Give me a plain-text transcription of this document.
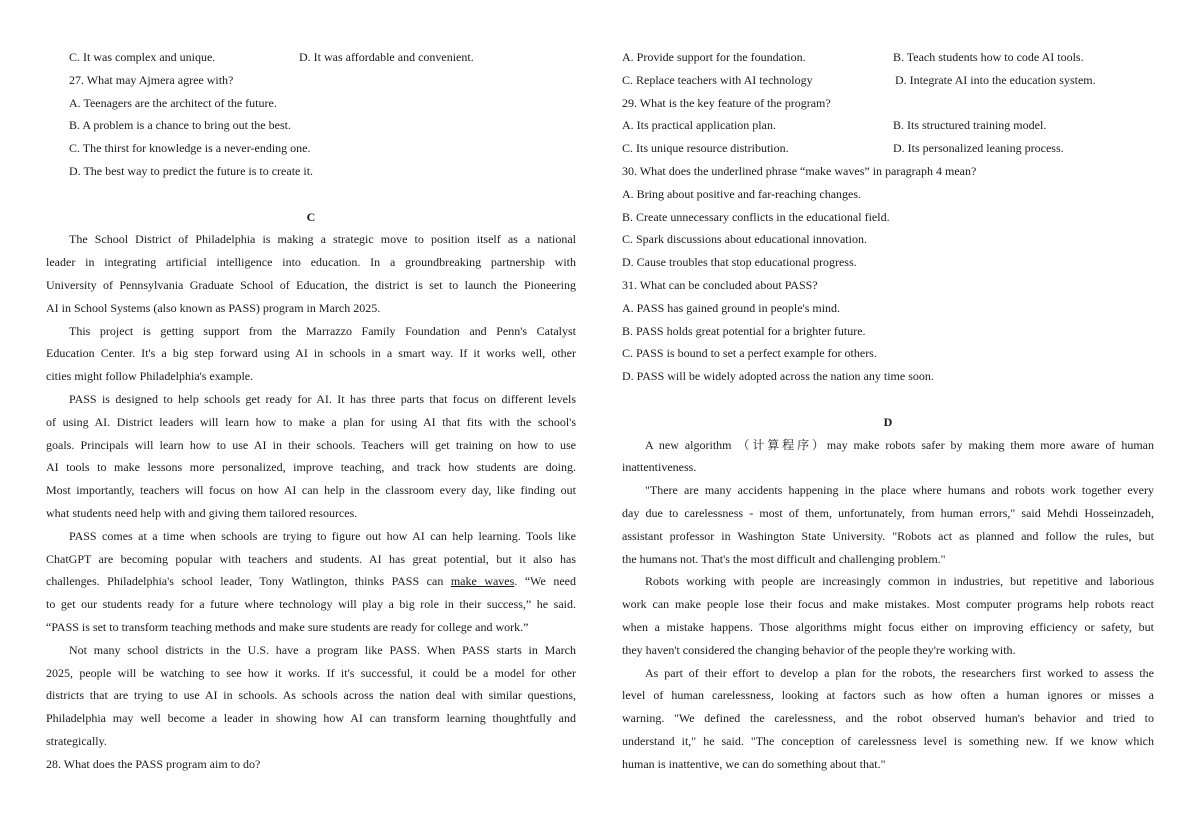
C. It was complex and unique.	D. It was affordable and convenient.
27. What may Ajmera agree with?
A. Teenagers are the architect of the future.
B. A problem is a chance to bring out the best.
C. The thirst for knowledge is a never-ending one.
D. The best way to predict the future is to create it.
C
The School District of Philadelphia is making a strategic move to position itself as a national
leader in integrating artificial intelligence into education. In a groundbreaking partnership with
University of Pennsylvania Graduate School of Education, the district is set to launch the Pioneering
AI in School Systems (also known as PASS) program in March 2025.
This project is getting support from the Marrazzo Family Foundation and Penn's Catalyst
Education Center. It's a big step forward using AI in schools in a smart way. If it works well, other
cities might follow Philadelphia's example.
PASS is designed to help schools get ready for AI. It has three parts that focus on different levels
of using AI. District leaders will learn how to make a plan for using AI that fits with the school's
goals. Principals will learn how to use AI in their schools. Teachers will get training on how to use
AI tools to make lessons more personalized, improve teaching, and track how students are doing.
Most importantly, teachers will focus on how AI can help in the classroom every day, like finding out
what students need help with and giving them tailored resources.
PASS comes at a time when schools are trying to figure out how AI can help learning. Tools like
ChatGPT are becoming popular with teachers and students. AI has great potential, but it also has
challenges. Philadelphia's school leader, Tony Watlington, thinks PASS can make waves. “We need
to get our students ready for a future where technology will play a big role in their success,” he said.
“PASS is set to transform teaching methods and make sure students are ready for college and work.”
Not many school districts in the U.S. have a program like PASS. When PASS starts in March
2025, people will be watching to see how it works. If it's successful, it could be a model for other
districts that are trying to use AI in schools. As schools across the nation deal with similar questions,
Philadelphia may well become a leader in showing how AI can transform learning thoughtfully and
strategically.
28. What does the PASS program aim to do?
A. Provide support for the foundation.	B. Teach students how to code AI tools.
C. Replace teachers with AI technology	D. Integrate AI into the education system.
29. What is the key feature of the program?
A. Its practical application plan.	B. Its structured training model.
C. Its unique resource distribution.	D. Its personalized leaning process.
30. What does the underlined phrase “make waves” in paragraph 4 mean?
A. Bring about positive and far-reaching changes.
B. Create unnecessary conflicts in the educational field.
C. Spark discussions about educational innovation.
D. Cause troubles that stop educational progress.
31. What can be concluded about PASS?
A. PASS has gained ground in people's mind.
B. PASS holds great potential for a brighter future.
C. PASS is bound to set a perfect example for others.
D. PASS will be widely adopted across the nation any time soon.
D
A new algorithm （计算程序）may make robots safer by making them more aware of human
inattentiveness.
"There are many accidents happening in the place where humans and robots work together every
day due to carelessness - most of them, unfortunately, from human errors," said Mehdi Hosseinzadeh,
assistant professor in Washington State University. "Robots act as planned and follow the rules, but
the humans not. That's the most difficult and challenging problem."
Robots working with people are increasingly common in industries, but repetitive and laborious
work can make people lose their focus and make mistakes. Most computer programs help robots react
when a mistake happens. Those algorithms might focus either on improving efficiency or safety, but
they haven't considered the changing behavior of the people they're working with.
As part of their effort to develop a plan for the robots, the researchers first worked to assess the
level of human carelessness, looking at factors such as how often a human ignores or misses a
warning. "We defined the carelessness, and the robot observed human's behavior and tried to
understand it," he said. "The conception of carelessness level is something new. If we know which
human is inattentive, we can do something about that."
